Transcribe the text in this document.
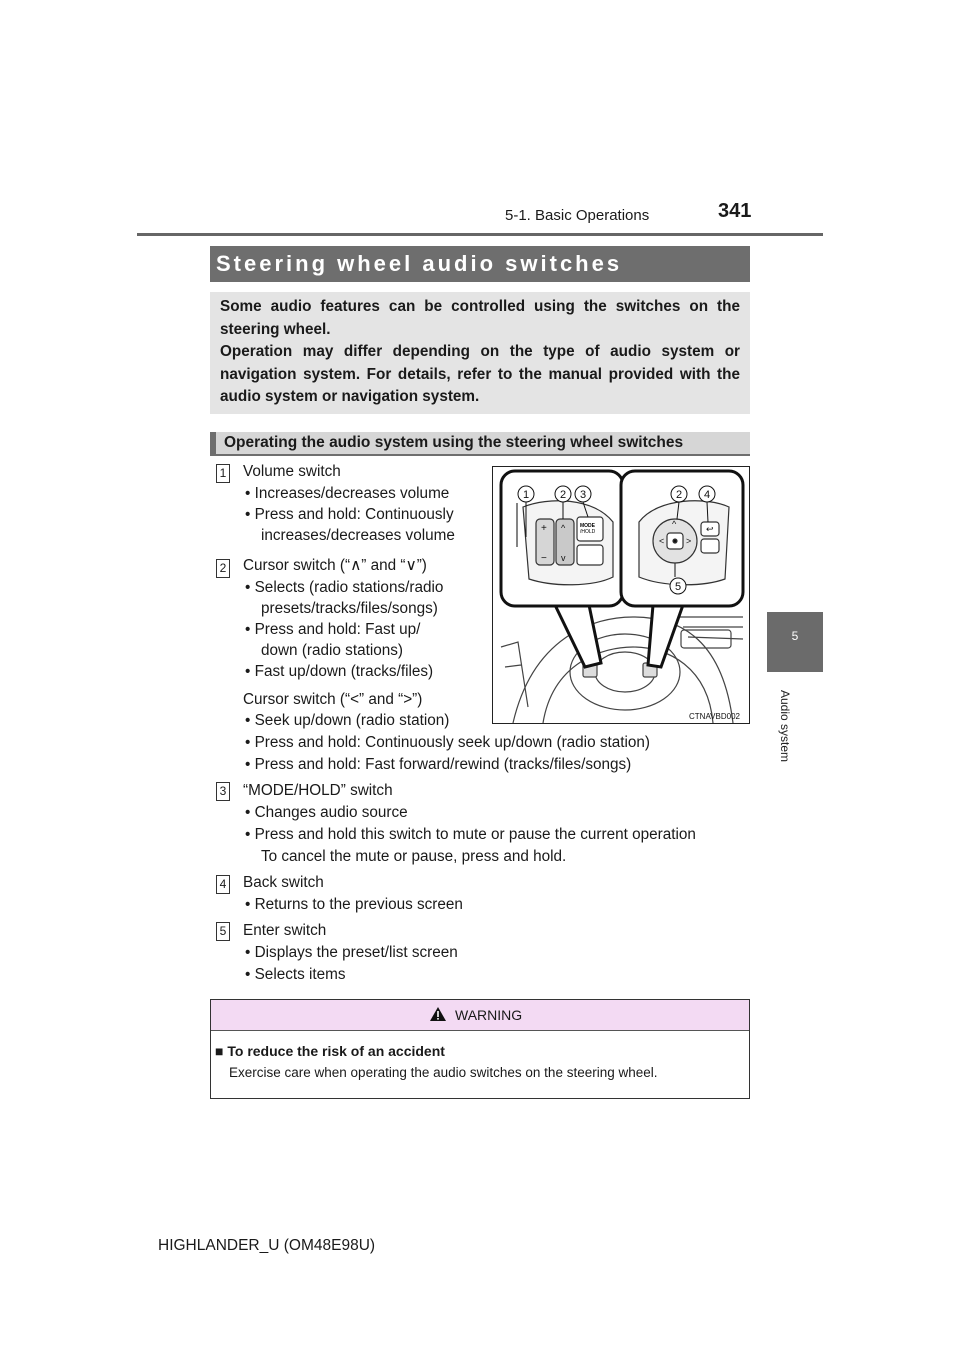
5-1. Basic Operations	341
5
Audio system
Steering wheel audio switches

Some audio features can be controlled using the switches on the steering wheel.

Operation may differ depending on the type of audio system or navigation system. For details, refer to the manual provided with the audio system or navigation system.

Operating the audio system using the steering wheel switches
1 Volume switch
• Increases/decreases volume
• Press and hold: Continuously
increases/decreases volume
2 Cursor switch (“∧” and “∨”)
• Selects (radio stations/radio
presets/tracks/files/songs)
• Press and hold: Fast up/
down (radio stations)
• Fast up/down (tracks/files)
Cursor switch (“<” and “>”)
• Seek up/down (radio station)
• Press and hold: Continuously seek up/down (radio station)
• Press and hold: Fast forward/rewind (tracks/files/songs)
3 “MODE/HOLD” switch
• Changes audio source
• Press and hold this switch to mute or pause the current operation
To cancel the mute or pause, press and hold.
4 Back switch
• Returns to the previous screen
5 Enter switch
• Displays the preset/list screen
• Selects items
+
−
^
v
MODE
/HOLD
< >
^	↩
1	2 3	2 4
5
CTNAVBD002
WARNING
■ To reduce the risk of an accident
Exercise care when operating the audio switches on the steering wheel.
HIGHLANDER_U (OM48E98U)
